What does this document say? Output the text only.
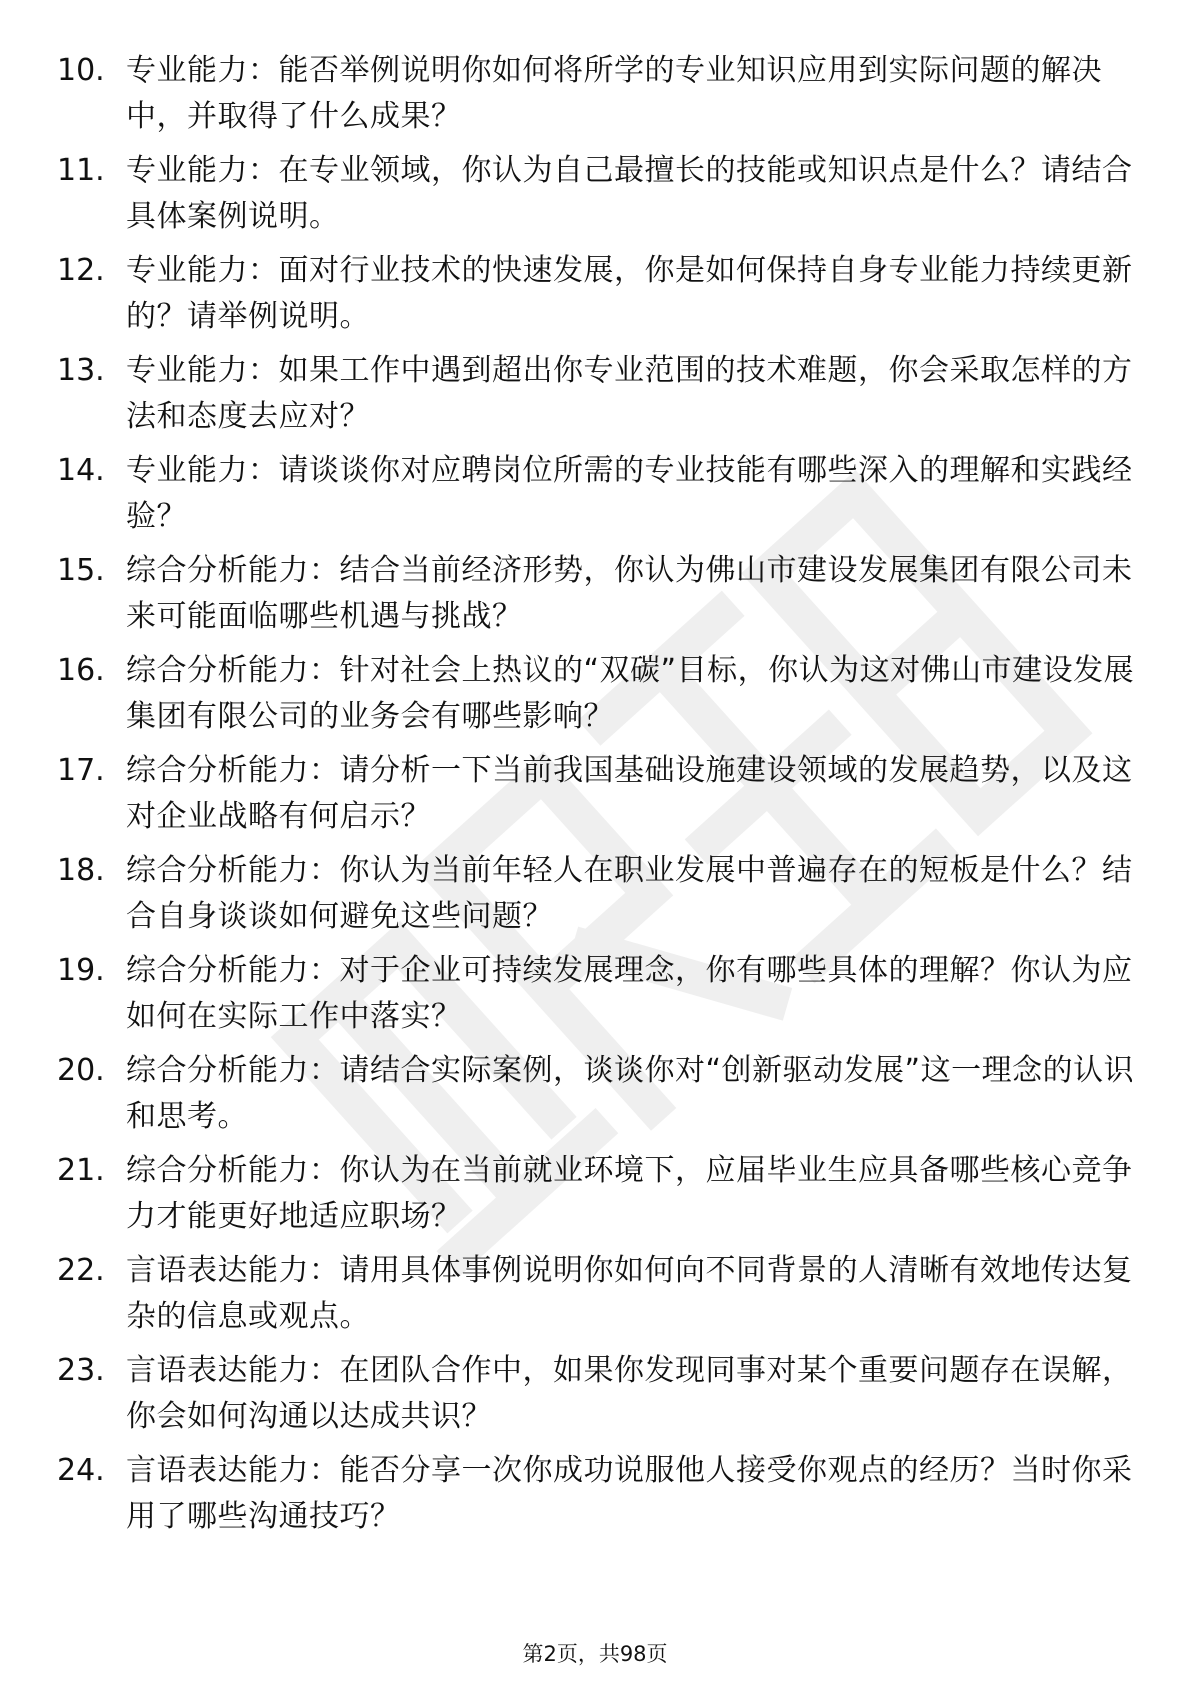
10. 专业能力：能否举例说明你如何将所学的专业知识应用到实际问题的解决中，并取得了什么成果？
11. 专业能力：在专业领域，你认为自己最擅长的技能或知识点是什么？请结合具体案例说明。
12. 专业能力：面对行业技术的快速发展，你是如何保持自身专业能力持续更新的？请举例说明。
13. 专业能力：如果工作中遇到超出你专业范围的技术难题，你会采取怎样的方法和态度去应对？
14. 专业能力：请谈谈你对应聘岗位所需的专业技能有哪些深入的理解和实践经验？
15. 综合分析能力：结合当前经济形势，你认为佛山市建设发展集团有限公司未来可能面临哪些机遇与挑战？
16. 综合分析能力：针对社会上热议的“双碳”目标，你认为这对佛山市建设发展集团有限公司的业务会有哪些影响？
17. 综合分析能力：请分析一下当前我国基础设施建设领域的发展趋势，以及这对企业战略有何启示？
18. 综合分析能力：你认为当前年轻人在职业发展中普遍存在的短板是什么？结合自身谈谈如何避免这些问题？
19. 综合分析能力：对于企业可持续发展理念，你有哪些具体的理解？你认为应如何在实际工作中落实？
20. 综合分析能力：请结合实际案例，谈谈你对“创新驱动发展”这一理念的认识和思考。
21. 综合分析能力：你认为在当前就业环境下，应届毕业生应具备哪些核心竞争力才能更好地适应职场？
22. 言语表达能力：请用具体事例说明你如何向不同背景的人清晰有效地传达复杂的信息或观点。
23. 言语表达能力：在团队合作中，如果你发现同事对某个重要问题存在误解，你会如何沟通以达成共识？
24. 言语表达能力：能否分享一次你成功说服他人接受你观点的经历？当时你采用了哪些沟通技巧？
第2页，共98页
